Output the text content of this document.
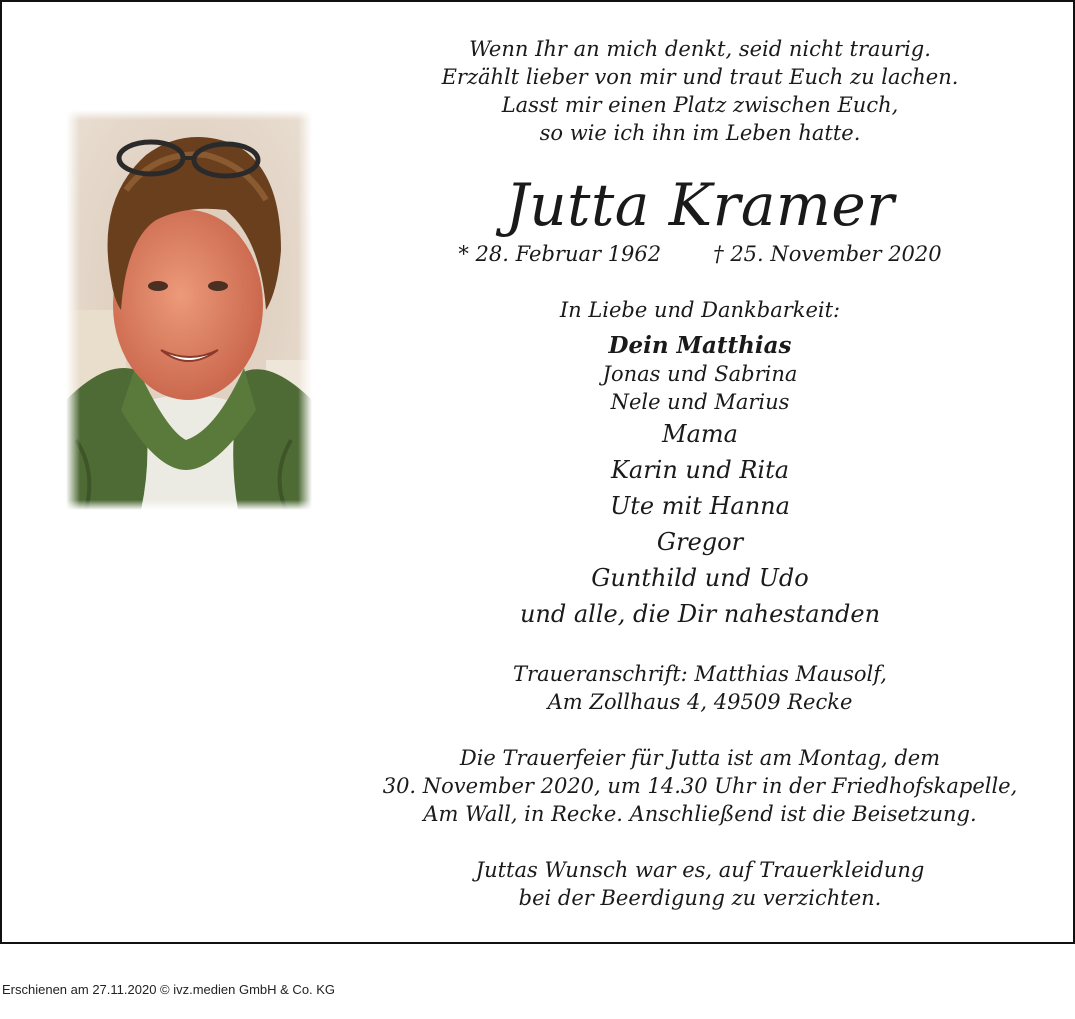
Wenn Ihr an mich denkt, seid nicht traurig.
Erzählt lieber von mir und traut Euch zu lachen.
Lasst mir einen Platz zwischen Euch,
so wie ich ihn im Leben hatte.
Jutta Kramer
* 28. Februar 1962 † 25. November 2020
In Liebe und Dankbarkeit:
Dein Matthias
Jonas und Sabrina
Nele und Marius
Mama
Karin und Rita
Ute mit Hanna
Gregor
Gunthild und Udo
und alle, die Dir nahestanden
Traueranschrift: Matthias Mausolf,
Am Zollhaus 4, 49509 Recke
Die Trauerfeier für Jutta ist am Montag, dem
30. November 2020, um 14.30 Uhr in der Friedhofskapelle,
Am Wall, in Recke. Anschließend ist die Beisetzung.
Juttas Wunsch war es, auf Trauerkleidung
bei der Beerdigung zu verzichten.
Erschienen am 27.11.2020 © ivz.medien GmbH & Co. KG
